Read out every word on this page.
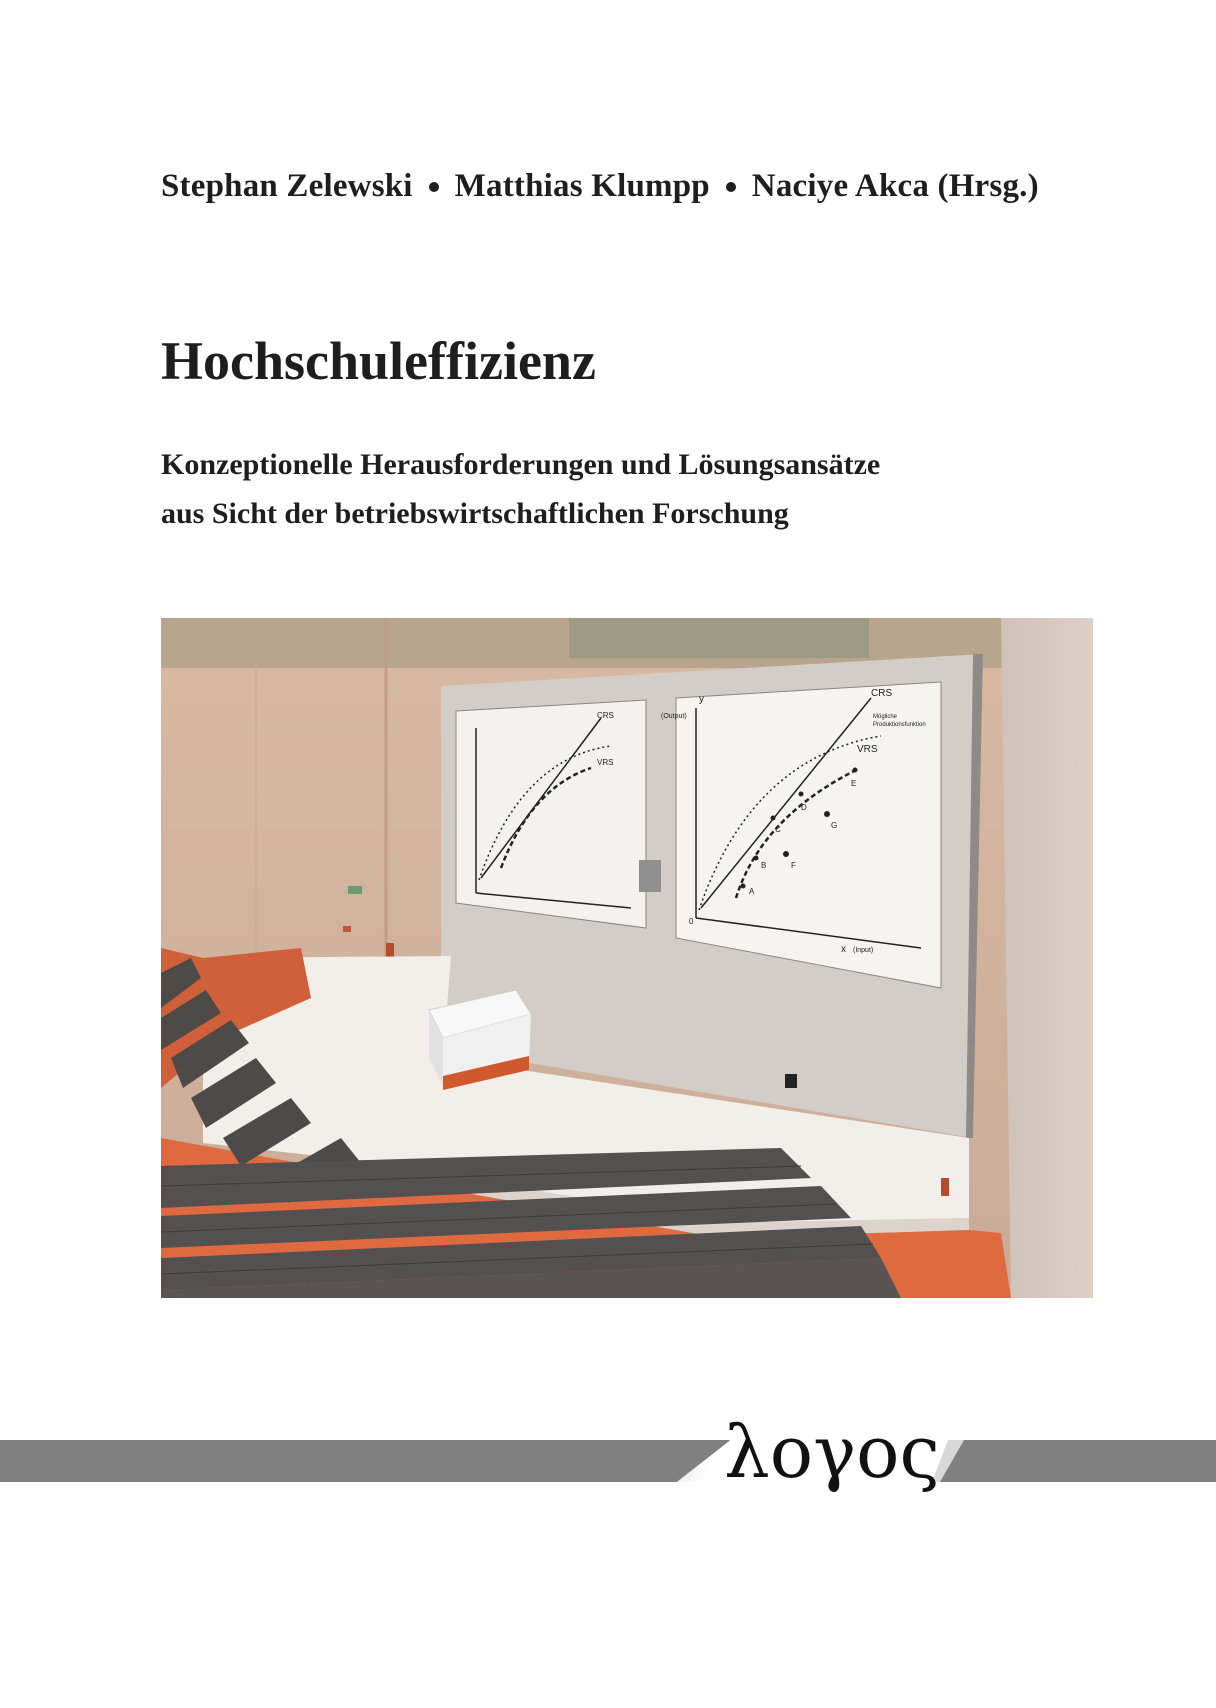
Stephan Zelewski Matthias Klumpp Naciye Akca (Hrsg.)
Hochschuleffizienz
Konzeptionelle Herausforderungen und Lösungsansätze
aus Sicht der betriebswirtschaftlichen Forschung
CRS
VRS
y
(Output)
x (Input)
0
CRS
Mögliche
Produktionsfunktion
VRS
A
B
C
D
E
F
G
λογος
